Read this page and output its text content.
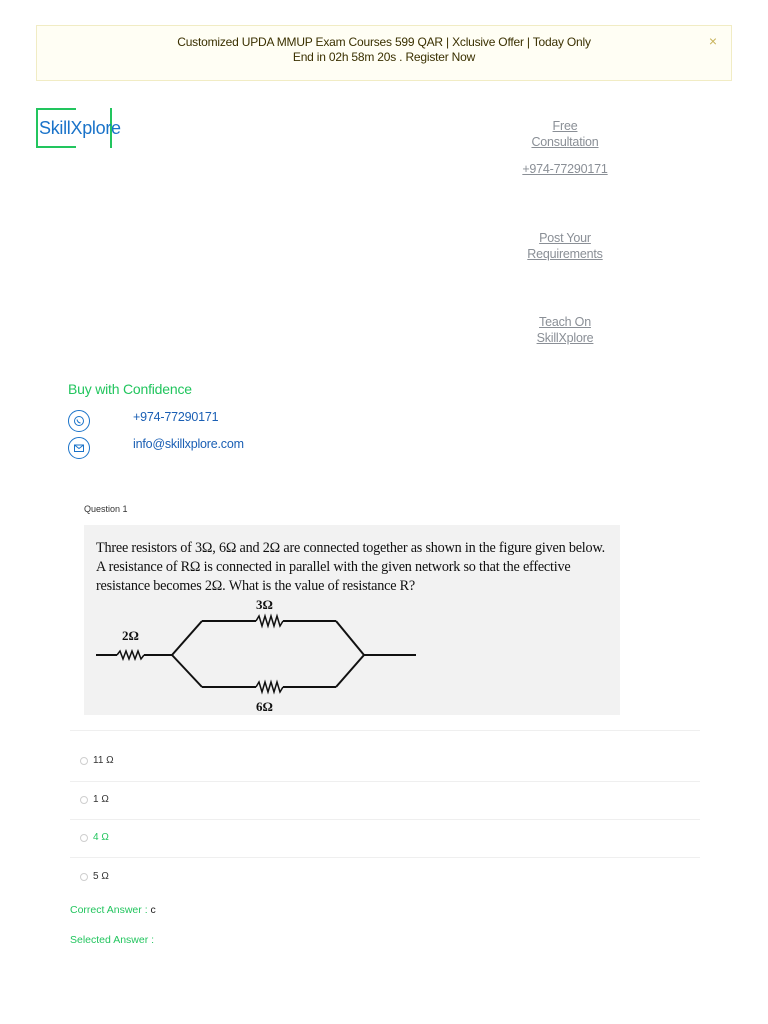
Customized UPDA MMUP Exam Courses 599 QAR | Xclusive Offer | Today Only
End in 02h 58m 20s . Register Now
×
SkillXplore	Free
Consultation
+974-77290171
Post Your
Requirements
Teach On
SkillXplore
Buy with Confidence
+974-77290171
info@skillxplore.com
Question 1
Three resistors of 3Ω, 6Ω and 2Ω are connected together as shown in the figure given below. A resistance of RΩ is connected in parallel with the given network so that the effective resistance becomes 2Ω. What is the value of resistance R?
3Ω
2Ω
6Ω
11 Ω
1 Ω
4 Ω
5 Ω
Correct Answer : c
Selected Answer :
